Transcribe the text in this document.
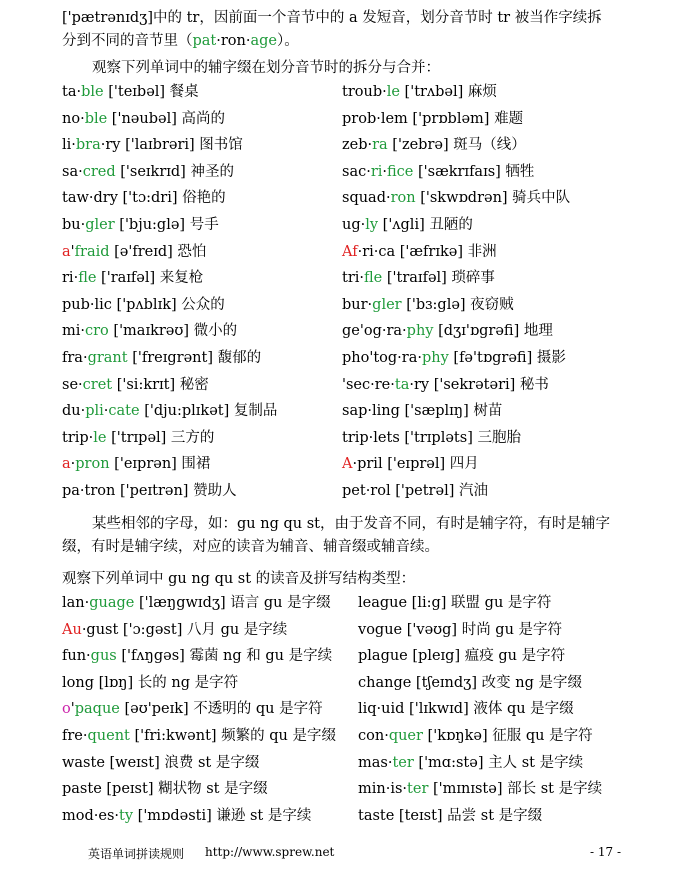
['pætrənɪdʒ]中的 tr，因前面一个音节中的 a 发短音，划分音节时 tr 被当作字续拆
分到不同的音节里（pat·ron·age）。

观察下列单词中的辅字缀在划分音节时的拆分与合并：

ta·ble ['teɪbəl] 餐桌
no·ble ['nəubəl] 高尚的
li·bra·ry ['laɪbrəri] 图书馆
sa·cred ['seɪkrɪd] 神圣的
taw·dry ['tɔ:dri] 俗艳的
bu·gler ['bju:glə] 号手
a'fraid [ə'freɪd] 恐怕
ri·fle ['raɪfəl] 来复枪
pub·lic ['pʌblɪk] 公众的
mi·cro ['maɪkrəʊ] 微小的
fra·grant ['freɪgrənt] 馥郁的
se·cret ['si:krɪt] 秘密
du·pli·cate ['dju:plɪkət] 复制品
trip·le ['trɪpəl] 三方的
a·pron ['eɪprən] 围裙
pa·tron ['peɪtrən] 赞助人
troub·le ['trʌbəl] 麻烦
prob·lem ['prɒbləm] 难题
zeb·ra ['zebrə] 斑马（线）
sac·ri·fice ['sækrɪfaɪs] 牺牲
squad·ron ['skwɒdrən] 骑兵中队
ug·ly ['ʌgli] 丑陋的
Af·ri·ca ['æfrɪkə] 非洲
tri·fle ['traɪfəl] 琐碎事
bur·gler ['bɜ:glə] 夜窃贼
ge'og·ra·phy [dʒɪ'ɒgrəfi] 地理
pho'tog·ra·phy [fə'tɒgrəfi] 摄影
'sec·re·ta·ry ['sekrətəri] 秘书
sap·ling ['sæplɪŋ] 树苗
trip·lets ['trɪpləts] 三胞胎
A·pril ['eɪprəl] 四月
pet·rol ['petrəl] 汽油

某些相邻的字母，如：gu ng qu st，由于发音不同，有时是辅字符，有时是辅字缀，有时是辅字续，对应的读音为辅音、辅音缀或辅音续。

观察下列单词中 gu ng qu st 的读音及拼写结构类型：

lan·guage ['læŋgwɪdʒ] 语言 gu 是字缀
Au·gust ['ɔ:gəst] 八月 gu 是字续
fun·gus ['fʌŋgəs] 霉菌 ng 和 gu 是字续
long [lɒŋ] 长的 ng 是字符
o'paque [əʊ'peɪk] 不透明的 qu 是字符
fre·quent ['fri:kwənt] 频繁的 qu 是字缀
waste [weɪst] 浪费 st 是字缀
paste [peɪst] 糊状物 st 是字缀
mod·es·ty ['mɒdəsti] 谦逊 st 是字续
league [li:g] 联盟 gu 是字符
vogue ['vəʊg] 时尚 gu 是字符
plague [pleɪg] 瘟疫 gu 是字符
change [tʃeɪndʒ] 改变 ng 是字缀
liq·uid ['lɪkwɪd] 液体 qu 是字缀
con·quer ['kɒŋkə] 征服 qu 是字符
mas·ter ['mɑ:stə] 主人 st 是字续
min·is·ter ['mɪnɪstə] 部长 st 是字续
taste [teɪst] 品尝 st 是字缀
英语单词拼读规则 http://www.sprew.net	- 17 -
